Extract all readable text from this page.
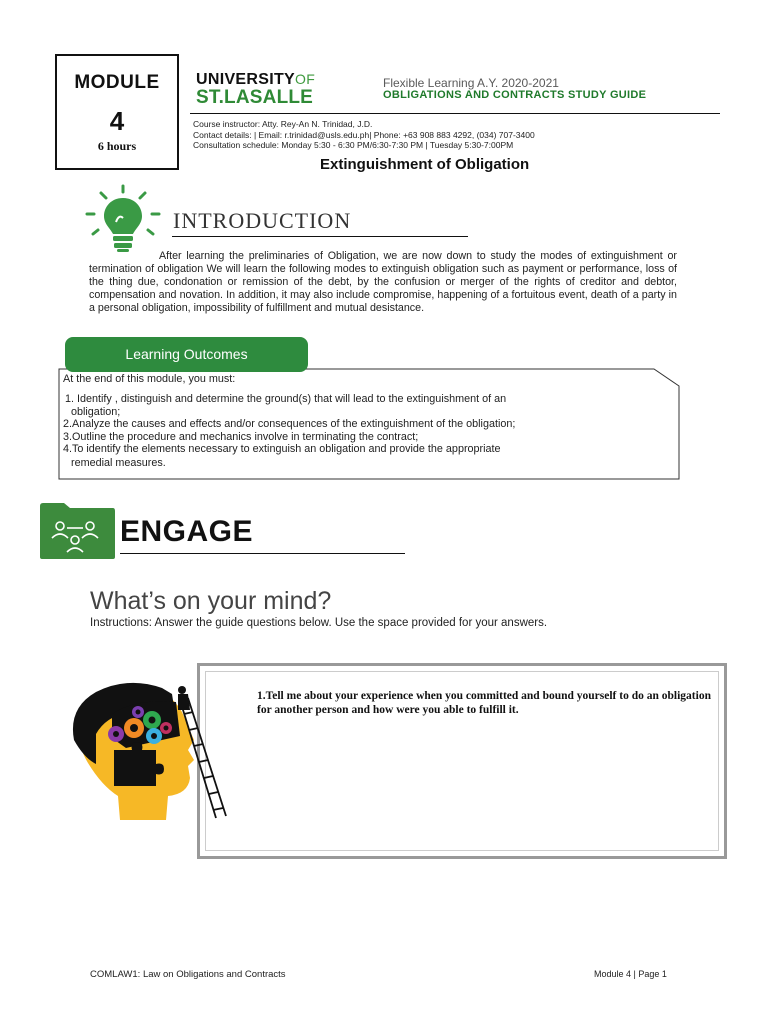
MODULE
4
6 hours
UNIVERSITYOF
ST.LASALLE
Flexible Learning A.Y. 2020-2021
OBLIGATIONS AND CONTRACTS STUDY GUIDE
Course instructor: Atty. Rey-An N. Trinidad, J.D.
Contact details: | Email: r.trinidad@usls.edu.ph| Phone: +63 908 883 4292, (034) 707-3400
Consultation schedule: Monday 5:30 - 6:30 PM/6:30-7:30 PM | Tuesday 5:30-7:00PM
Extinguishment of Obligation
INTRODUCTION
After learning the preliminaries of Obligation, we are now down to study the modes of extinguishment or termination of obligation We will learn the following modes to extinguish obligation such as payment or performance, loss of the thing due, condonation or remission of the debt, by the confusion or merger of the rights of creditor and debtor, compensation and novation. In addition, it may also include compromise, happening of a fortuitous event, death of a party in a personal obligation, impossibility of fulfillment and mutual desistance.
Learning Outcomes
At the end of this module, you must:
1. Identify , distinguish and determine the ground(s) that will lead to the extinguishment of an
obligation;
2.Analyze the causes and effects and/or consequences of the extinguishment of the obligation;
3.Outline the procedure and mechanics involve in terminating the contract;
4.To identify the elements necessary to extinguish an obligation and provide the appropriate
remedial measures.
ENGAGE
What’s on your mind?
Instructions: Answer the guide questions below. Use the space provided for your answers.
1.Tell me about your experience when you committed and bound yourself to do an obligation for another person and how were you able to fulfill it.
COMLAW1: Law on Obligations and Contracts	Module 4 | Page 1
